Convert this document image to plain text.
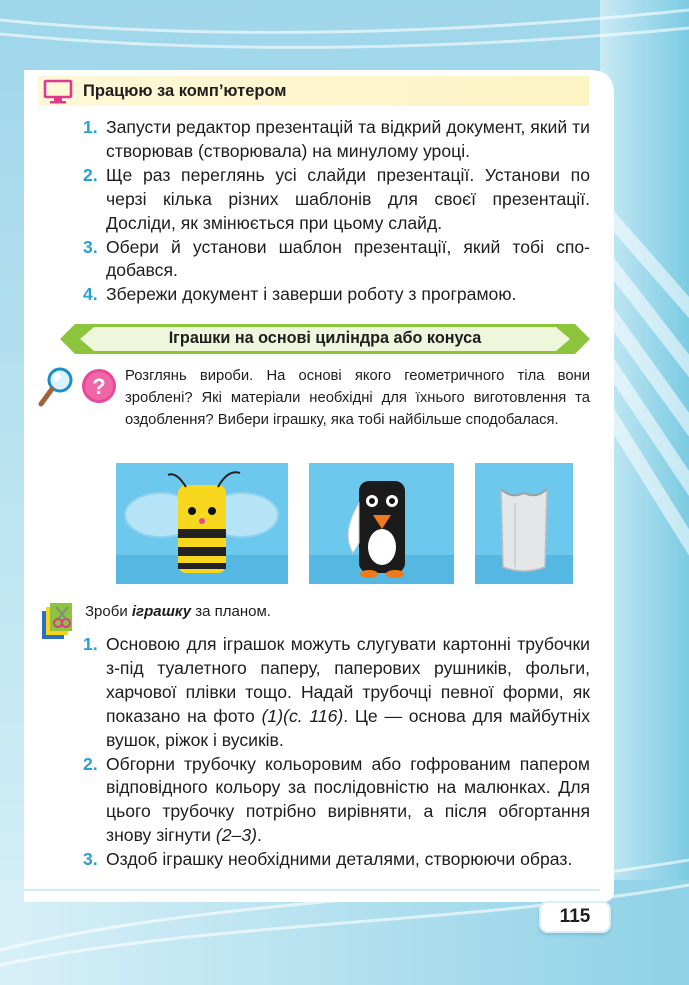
Працюю за комп’ютером
1. Запусти редактор презентацій та відкрий документ, який ти створював (створювала) на минулому уроці.
2. Ще раз переглянь усі слайди презентації. Установи по черзі кілька різних шаблонів для своєї презентації. Досліди, як змінюється при цьому слайд.
3. Обери й установи шаблон презентації, який тобі сподобався.
4. Збережи документ і заверши роботу з програмою.
Іграшки на основі циліндра або конуса
? Розглянь вироби. На основі якого геометричного тіла вони зроблені? Які матеріали необхідні для їхнього виготовлення та оздоблення? Вибери іграшку, яка тобі найбільше сподобалася.
Зроби іграшку за планом.
1. Основою для іграшок можуть слугувати картонні трубочки з-під туалетного паперу, паперових рушників, фольги, харчової плівки тощо. Надай трубочці певної форми, як показано на фото (1)(с. 116). Це — основа для майбутніх вушок, ріжок і вусиків.
2. Обгорни трубочку кольоровим або гофрованим папером відповідного кольору за послідовністю на малюнках. Для цього трубочку потрібно вирівняти, а після обгортання знову зігнути (2–3).
3. Оздоб іграшку необхідними деталями, створюючи образ.
115
